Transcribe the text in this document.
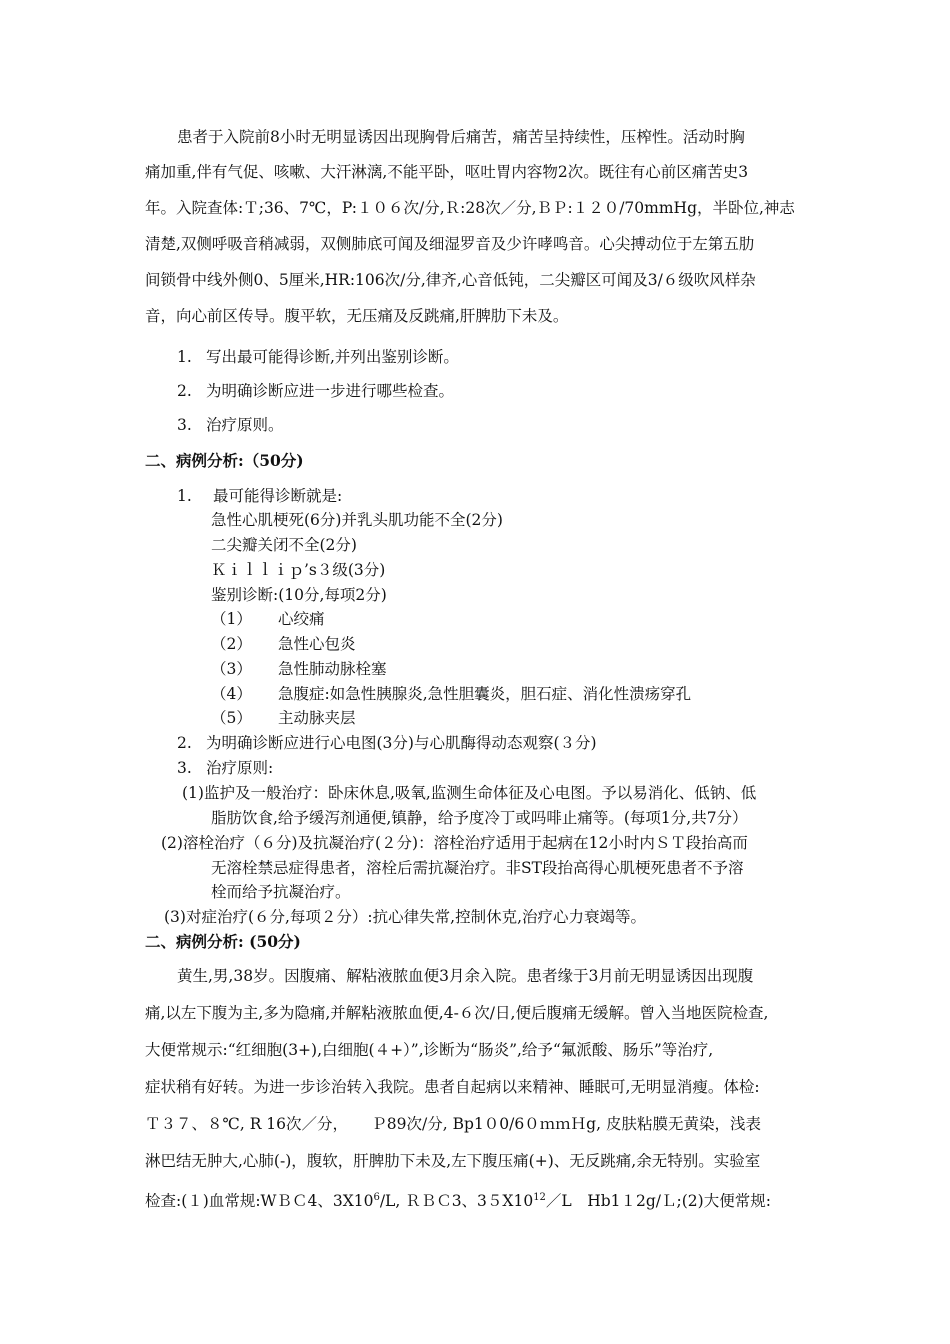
患者于入院前8小时无明显诱因出现胸骨后痛苦，痛苦呈持续性，压榨性。活动时胸
痛加重,伴有气促、咳嗽、大汗淋漓,不能平卧，呕吐胃内容物2次。既往有心前区痛苦史3
年。入院查体:Ｔ;36、7℃，P:１０６次/分,Ｒ:28次／分,ＢＰ:１２０/70mmHg，半卧位,神志
清楚,双侧呼吸音稍减弱，双侧肺底可闻及细湿罗音及少许哮鸣音。心尖搏动位于左第五肋
间锁骨中线外侧0、5厘米,HR:106次/分,律齐,心音低钝，二尖瓣区可闻及3/６级吹风样杂
音，向心前区传导。腹平软，无压痛及反跳痛,肝脾肋下未及。
1. 写出最可能得诊断,并列出鉴别诊断。
2. 为明确诊断应进一步进行哪些检查。
3. 治疗原则。
二、病例分析:（50分)
1. 最可能得诊断就是:
急性心肌梗死(6分)并乳头肌功能不全(2分)
二尖瓣关闭不全(2分)
Ｋｉｌｌｉｐ’s３级(3分)
鉴别诊断:(10分,每项2分)
（1） 心绞痛
（2） 急性心包炎
（3） 急性肺动脉栓塞
（4） 急腹症:如急性胰腺炎,急性胆囊炎，胆石症、消化性溃疡穿孔
（5） 主动脉夹层
2. 为明确诊断应进行心电图(3分)与心肌酶得动态观察(３分)
3. 治疗原则:
(1)监护及一般治疗：卧床休息,吸氧,监测生命体征及心电图。予以易消化、低钠、低
脂肪饮食,给予缓泻剂通便,镇静，给予度冷丁或吗啡止痛等。(每项1分,共7分）
(2)溶栓治疗（６分)及抗凝治疗(２分)：溶栓治疗适用于起病在12小时内ＳＴ段抬高而
无溶栓禁忌症得患者，溶栓后需抗凝治疗。非ST段抬高得心肌梗死患者不予溶
栓而给予抗凝治疗。
(3)对症治疗(６分,每项２分）:抗心律失常,控制休克,治疗心力衰竭等。
二、病例分析: (50分)
黄生,男,38岁。因腹痛、解粘液脓血便3月余入院。患者缘于3月前无明显诱因出现腹
痛,以左下腹为主,多为隐痛,并解粘液脓血便,4-６次/日,便后腹痛无缓解。曾入当地医院检查,
大便常规示:“红细胞(3+),白细胞(４+）”,诊断为“肠炎”,给予“氟派酸、肠乐”等治疗,
症状稍有好转。为进一步诊治转入我院。患者自起病以来精神、睡眠可,无明显消瘦。体检:
Ｔ３７、８℃, R 16次／分，　　Ｐ89次/分, Bp1０0/6０ｍｍＨg, 皮肤粘膜无黄染，浅表
淋巴结无肿大,心肺(-)，腹软，肝脾肋下未及,左下腹压痛(+)、无反跳痛,余无特别。实验室
检查:(１)血常规:WＢＣ4、$3X10^6/L$, ＲＢＣ3、$35X10^{12}/L$　Hb1１2g/Ｌ;(2)大便常规:
